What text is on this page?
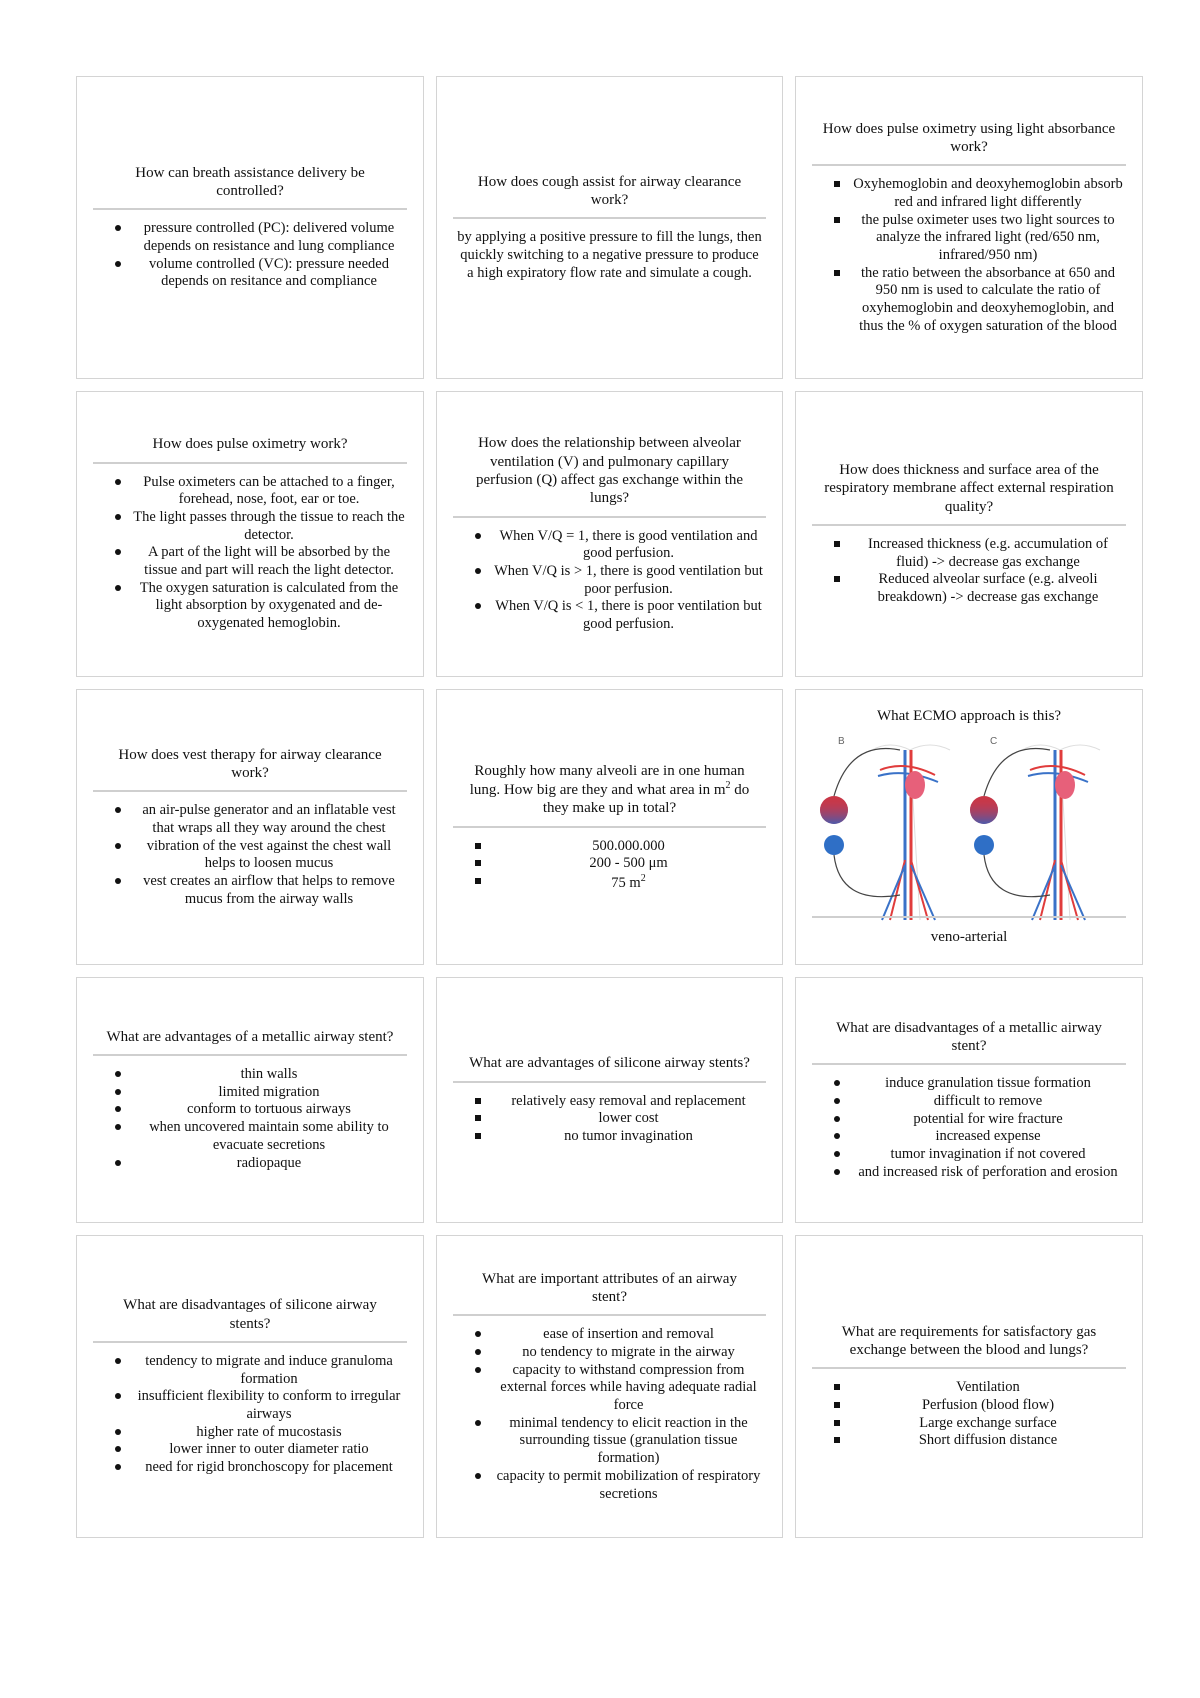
How can breath assistance delivery be controlled?
pressure controlled (PC): delivered volume depends on resistance and lung compliance
volume controlled (VC): pressure needed depends on resitance and compliance
How does cough assist for airway clearance work?
by applying a positive pressure to fill the lungs, then quickly switching to a negative pressure to produce a high expiratory flow rate and simulate a cough.
How does pulse oximetry using light absorbance work?
Oxyhemoglobin and deoxyhemoglobin absorb red and infrared light differently
the pulse oximeter uses two light sources to analyze the infrared light (red/650 nm, infrared/950 nm)
the ratio between the absorbance at 650 and 950 nm is used to calculate the ratio of oxyhemoglobin and deoxyhemoglobin, and thus the % of oxygen saturation of the blood
How does pulse oximetry work?
Pulse oximeters can be attached to a finger, forehead, nose, foot, ear or toe.
The light passes through the tissue to reach the detector.
A part of the light will be absorbed by the tissue and part will reach the light detector.
The oxygen saturation is calculated from the light absorption by oxygenated and de-oxygenated hemoglobin.
How does the relationship between alveolar ventilation (V) and pulmonary capillary perfusion (Q) affect gas exchange within the lungs?
When V/Q = 1, there is good ventilation and good perfusion.
When V/Q is > 1, there is good ventilation but poor perfusion.
When V/Q is < 1, there is poor ventilation but good perfusion.
How does thickness and surface area of the respiratory membrane affect external respiration quality?
Increased thickness (e.g. accumulation of fluid) -> decrease gas exchange
Reduced alveolar surface (e.g. alveoli breakdown) -> decrease gas exchange
How does vest therapy for airway clearance work?
an air-pulse generator and an inflatable vest that wraps all they way around the chest
vibration of the vest against the chest wall helps to loosen mucus
vest creates an airflow that helps to remove mucus from the airway walls
Roughly how many alveoli are in one human lung. How big are they and what area in $m^2$ do they make up in total?
500.000.000
200 - 500 μm
75 $m^2$
What ECMO approach is this?
B	C
veno-arterial
What are advantages of a metallic airway stent?
thin walls
limited migration
conform to tortuous airways
when uncovered maintain some ability to evacuate secretions
radiopaque
What are advantages of silicone airway stents?
relatively easy removal and replacement
lower cost
no tumor invagination
What are disadvantages of a metallic airway stent?
induce granulation tissue formation
difficult to remove
potential for wire fracture
increased expense
tumor invagination if not covered
and increased risk of perforation and erosion
What are disadvantages of silicone airway stents?
tendency to migrate and induce granuloma formation
insufficient flexibility to conform to irregular airways
higher rate of mucostasis
lower inner to outer diameter ratio
need for rigid bronchoscopy for placement
What are important attributes of an airway stent?
ease of insertion and removal
no tendency to migrate in the airway
capacity to withstand compression from external forces while having adequate radial force
minimal tendency to elicit reaction in the surrounding tissue (granulation tissue formation)
capacity to permit mobilization of respiratory secretions
What are requirements for satisfactory gas exchange between the blood and lungs?
Ventilation
Perfusion (blood flow)
Large exchange surface
Short diffusion distance
